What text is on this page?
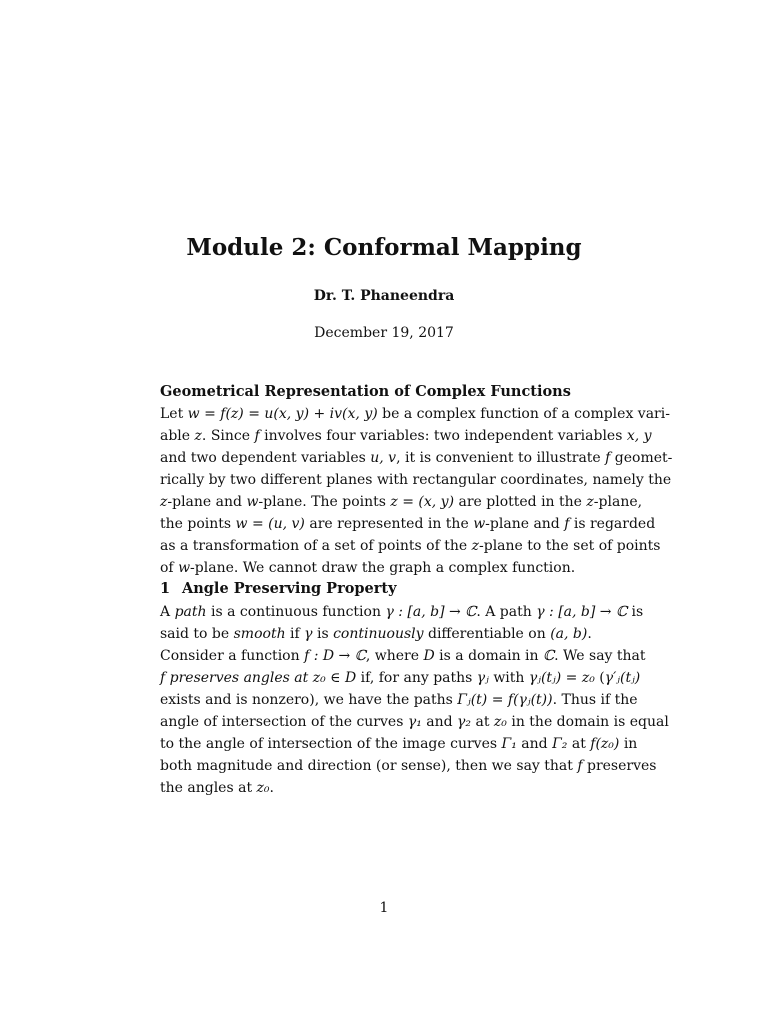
Module 2: Conformal Mapping
Dr. T. Phaneendra
December 19, 2017
Geometrical Representation of Complex Functions
Let w = f(z) = u(x, y) + iv(x, y) be a complex function of a complex vari-
able z. Since f involves four variables: two independent variables x, y
and two dependent variables u, v, it is convenient to illustrate f geomet-
rically by two different planes with rectangular coordinates, namely the
z-plane and w-plane. The points z = (x, y) are plotted in the z-plane,
the points w = (u, v) are represented in the w-plane and f is regarded
as a transformation of a set of points of the z-plane to the set of points
of w-plane. We cannot draw the graph a complex function.
1 Angle Preserving Property
A path is a continuous function γ : [a, b] → ℂ. A path γ : [a, b] → ℂ is
said to be smooth if γ is continuously differentiable on (a, b).
Consider a function f : D → ℂ, where D is a domain in ℂ. We say that
f preserves angles at z₀ ∈ D if, for any paths γⱼ with γⱼ(tⱼ) = z₀ (γ′ⱼ(tⱼ)
exists and is nonzero), we have the paths Γⱼ(t) = f(γⱼ(t)). Thus if the
angle of intersection of the curves γ₁ and γ₂ at z₀ in the domain is equal
to the angle of intersection of the image curves Γ₁ and Γ₂ at f(z₀) in
both magnitude and direction (or sense), then we say that f preserves
the angles at z₀.
1
